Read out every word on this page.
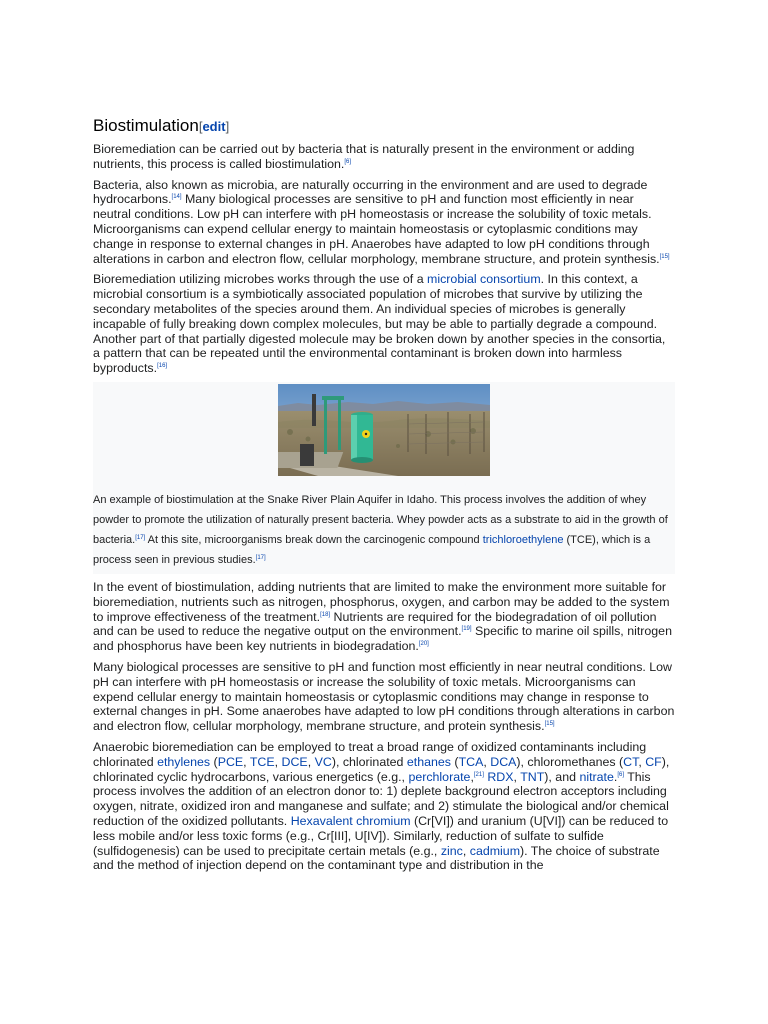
Biostimulation[edit]

Bioremediation can be carried out by bacteria that is naturally present in the environment or adding nutrients, this process is called biostimulation.[6]

Bacteria, also known as microbia, are naturally occurring in the environment and are used to degrade hydrocarbons.[14] Many biological processes are sensitive to pH and function most efficiently in near neutral conditions. Low pH can interfere with pH homeostasis or increase the solubility of toxic metals. Microorganisms can expend cellular energy to maintain homeostasis or cytoplasmic conditions may change in response to external changes in pH. Anaerobes have adapted to low pH conditions through alterations in carbon and electron flow, cellular morphology, membrane structure, and protein synthesis.[15]

Bioremediation utilizing microbes works through the use of a microbial consortium. In this context, a microbial consortium is a symbiotically associated population of microbes that survive by utilizing the secondary metabolites of the species around them. An individual species of microbes is generally incapable of fully breaking down complex molecules, but may be able to partially degrade a compound. Another part of that partially digested molecule may be broken down by another species in the consortia, a pattern that can be repeated until the environmental contaminant is broken down into harmless byproducts.[16]

An example of biostimulation at the Snake River Plain Aquifer in Idaho. This process involves the addition of whey powder to promote the utilization of naturally present bacteria. Whey powder acts as a substrate to aid in the growth of bacteria.[17] At this site, microorganisms break down the carcinogenic compound trichloroethylene (TCE), which is a process seen in previous studies.[17]

In the event of biostimulation, adding nutrients that are limited to make the environment more suitable for bioremediation, nutrients such as nitrogen, phosphorus, oxygen, and carbon may be added to the system to improve effectiveness of the treatment.[18] Nutrients are required for the biodegradation of oil pollution and can be used to reduce the negative output on the environment.[19] Specific to marine oil spills, nitrogen and phosphorus have been key nutrients in biodegradation.[20]

Many biological processes are sensitive to pH and function most efficiently in near neutral conditions. Low pH can interfere with pH homeostasis or increase the solubility of toxic metals. Microorganisms can expend cellular energy to maintain homeostasis or cytoplasmic conditions may change in response to external changes in pH. Some anaerobes have adapted to low pH conditions through alterations in carbon and electron flow, cellular morphology, membrane structure, and protein synthesis.[15]

Anaerobic bioremediation can be employed to treat a broad range of oxidized contaminants including chlorinated ethylenes (PCE, TCE, DCE, VC), chlorinated ethanes (TCA, DCA), chloromethanes (CT, CF), chlorinated cyclic hydrocarbons, various energetics (e.g., perchlorate,[21] RDX, TNT), and nitrate.[6] This process involves the addition of an electron donor to: 1) deplete background electron acceptors including oxygen, nitrate, oxidized iron and manganese and sulfate; and 2) stimulate the biological and/or chemical reduction of the oxidized pollutants. Hexavalent chromium (Cr[VI]) and uranium (U[VI]) can be reduced to less mobile and/or less toxic forms (e.g., Cr[III], U[IV]). Similarly, reduction of sulfate to sulfide (sulfidogenesis) can be used to precipitate certain metals (e.g., zinc, cadmium). The choice of substrate and the method of injection depend on the contaminant type and distribution in the
